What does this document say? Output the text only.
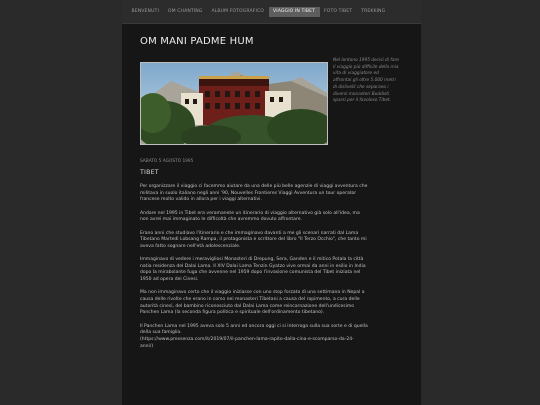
BENVENUTI	OM CHANTING	ALBUM FOTOGRAFICO	VIAGGIO IN TIBET	FOTO TIBET	TREKKING
OM MANI PADME HUM
Nel lontano 1995 decisi di fare
il viaggio più difficile della mia
vita di viaggiatore ed
affrontai gli oltre 5.000 metri
di dislivelli che separano i
diversi monasteri Buddisti
sparsi per il favoloso Tibet.
SABATO 5 AGOSTO 1995
TIBET

Per organizzare il viaggio ci facemmo aiutare da una delle più belle agenzie di viaggi avventura che
militava in suolo italiano negli anni '90, Nouvelles Frontieres Viaggi Avventura un tour operator
francese molto valido in allora per i viaggi alternativi.

Andare nel 1995 in Tibet era veramanete un itinerario di viaggio alternativo già solo all'idea, ma
non avrei mai immaginato le difficoltà che avremmo dovuto affrontare.

Erano anni che studiavo l'itinerario e che immaginavo davanti a me gli scenari narrati dal Lama
Tibetano Martedì Lobsang Rampa, il protagonista e scrittore del libro "Il Terzo Occhio", che tanto mi
aveva fatto sognare nell'età adolescenziale.

Immaginavo di vedere i meravigliosi Monasteri di Drepung, Sera, Ganden e il mitico Potala la città
natia residenza del Dalai Lama. Il XIV Dalai Lama Tenzin Gyatzo vive ormai da anni in esilio in India
dopo la mirabolante fuga che avvenne nel 1959 dopo l'invasione comunista del Tibet iniziata nel
1950 ad opera dei Cinesi.

Ma non immaginavo certo che il viaggio iniziasse con uno stop forzato di una settimana in Nepal a
causa delle rivolte che erano in corso nei monasteri Tibetani a causa del rapimento, a cura delle
autorità cinesi, del bambino riconosciuto dal Dalai Lama come reincarnazione dell'undicesimo
Panchen Lama (la seconda figura politica e spirituale dell'ordinamento tibetano).

Il Panchen Lama nel 1995 aveva solo 5 anni ed ancora oggi ci si interroga sulla sua sorte e di quella
della sua famiglia.
(https://www.pressenza.com/it/2019/07/il-panchen-lama-rapito-dalla-cina-e-scomparso-da-24-
anni/)
